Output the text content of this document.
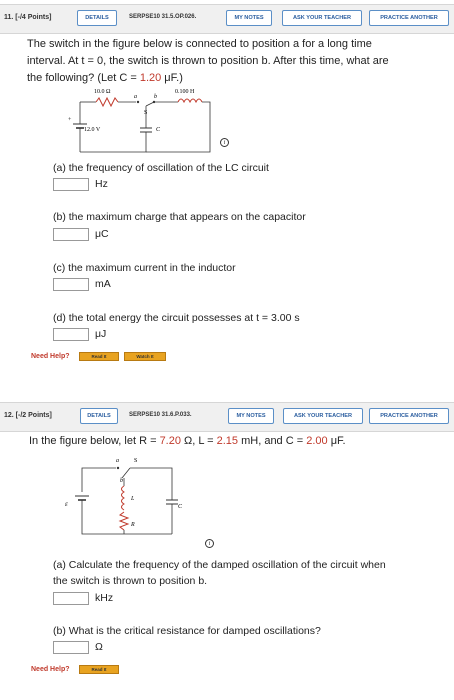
11. [-/4 Points]	DETAILS	SERPSE10 31.5.OP.026.	MY NOTES	ASK YOUR TEACHER	PRACTICE ANOTHER
The switch in the figure below is connected to position a for a long time
interval. At t = 0, the switch is thrown to position b. After this time, what are
the following? (Let C = 1.20 μF.)
10.0 Ω	0.100 H
a	b
S
12.0 V	C
+
i
(a) the frequency of oscillation of the LC circuit
Hz
(b) the maximum charge that appears on the capacitor
μC
(c) the maximum current in the inductor
mA
(d) the total energy the circuit possesses at t = 3.00 s
μJ
Need Help?	Read It	Watch It
12. [-/2 Points]	DETAILS	SERPSE10 31.6.P.033.	MY NOTES	ASK YOUR TEACHER	PRACTICE ANOTHER
In the figure below, let R = 7.20 Ω, L = 2.15 mH, and C = 2.00 μF.
a	S
b
ε
L
R
C
i
(a) Calculate the frequency of the damped oscillation of the circuit when
the switch is thrown to position b.
kHz
(b) What is the critical resistance for damped oscillations?
Ω
Need Help?	Read It
